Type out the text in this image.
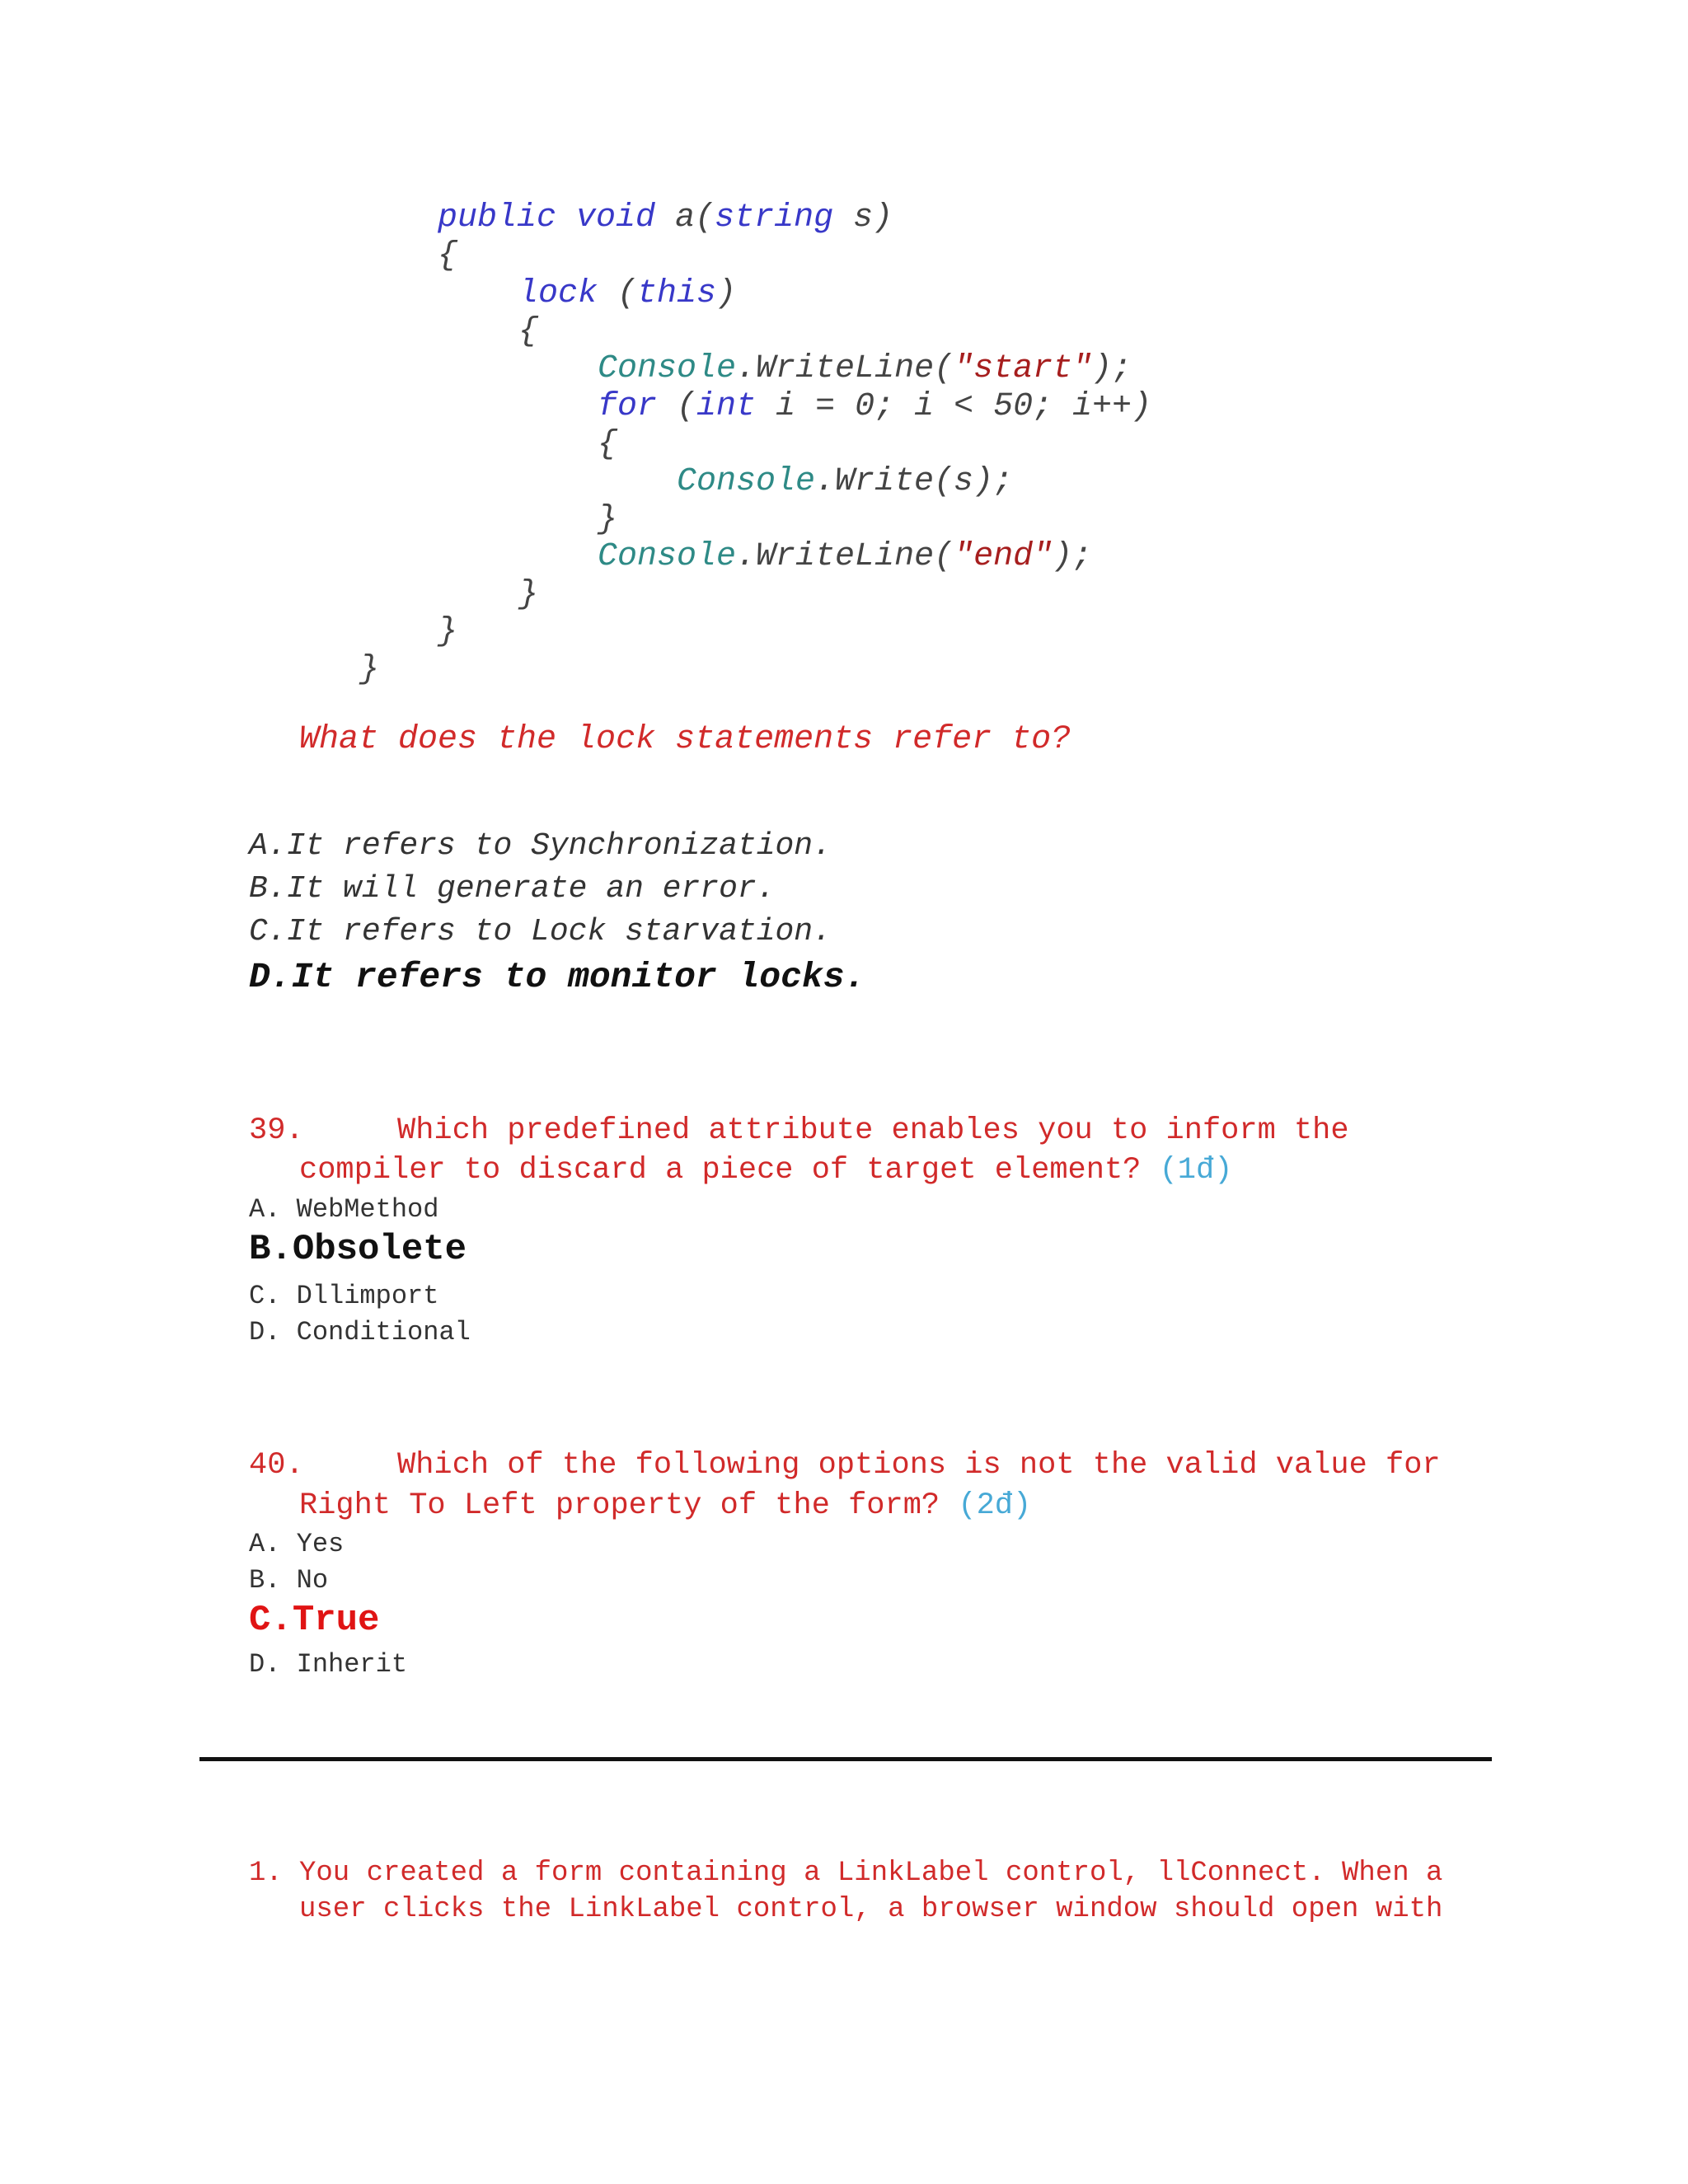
public void a(string s)
{
lock (this)
{
Console.WriteLine("start");
for (int i = 0; i < 50; i++)
{
Console.Write(s);
}
Console.WriteLine("end");
}
}
}
What does the lock statements refer to?
A.It refers to Synchronization.
B.It will generate an error.
C.It refers to Lock starvation.
D.It refers to monitor locks.
39.	Which predefined attribute enables you to inform the
compiler to discard a piece of target element? (1đ)
A. WebMethod
B.Obsolete
C. Dllimport
D. Conditional
40.	Which of the following options is not the valid value for
Right To Left property of the form? (2đ)
A. Yes
B. No
C.True
D. Inherit
1. You created a form containing a LinkLabel control, llConnect. When a
user clicks the LinkLabel control, a browser window should open with
